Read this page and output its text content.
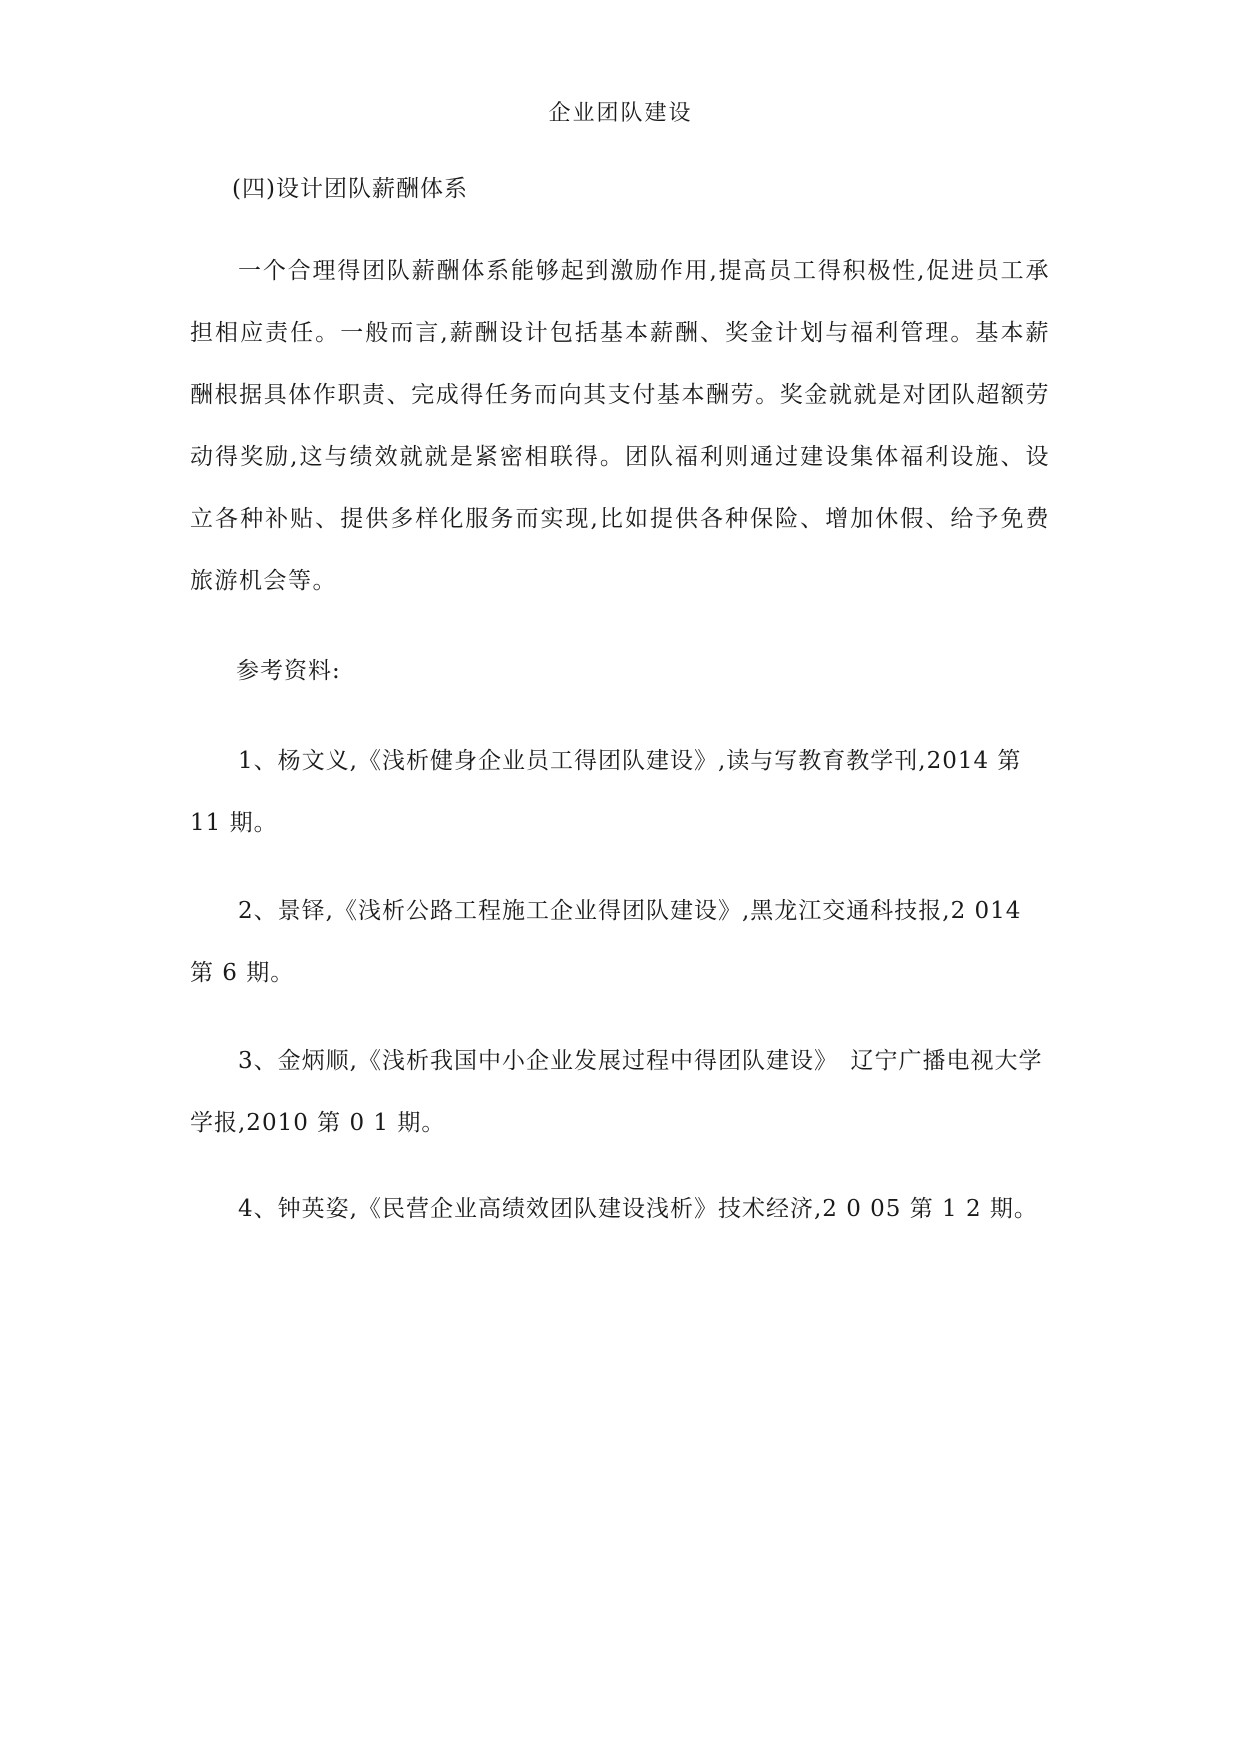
企业团队建设
(四)设计团队薪酬体系

一个合理得团队薪酬体系能够起到激励作用,提高员工得积极性,促进员工承担相应责任。一般而言,薪酬设计包括基本薪酬、奖金计划与福利管理。基本薪酬根据具体作职责、完成得任务而向其支付基本酬劳。奖金就就是对团队超额劳动得奖励,这与绩效就就是紧密相联得。团队福利则通过建设集体福利设施、设立各种补贴、提供多样化服务而实现,比如提供各种保险、增加休假、给予免费旅游机会等。

参考资料:

1、杨文义,《浅析健身企业员工得团队建设》,读与写教育教学刊,2014 第 11 期。

2、景铎,《浅析公路工程施工企业得团队建设》,黑龙江交通科技报,2 014 第 6 期。

3、金炳顺,《浅析我国中小企业发展过程中得团队建设》　辽宁广播电视大学学报,2010 第 0 1 期。

4、钟英姿,《民营企业高绩效团队建设浅析》技术经济,2 0 05 第 1 2 期。
